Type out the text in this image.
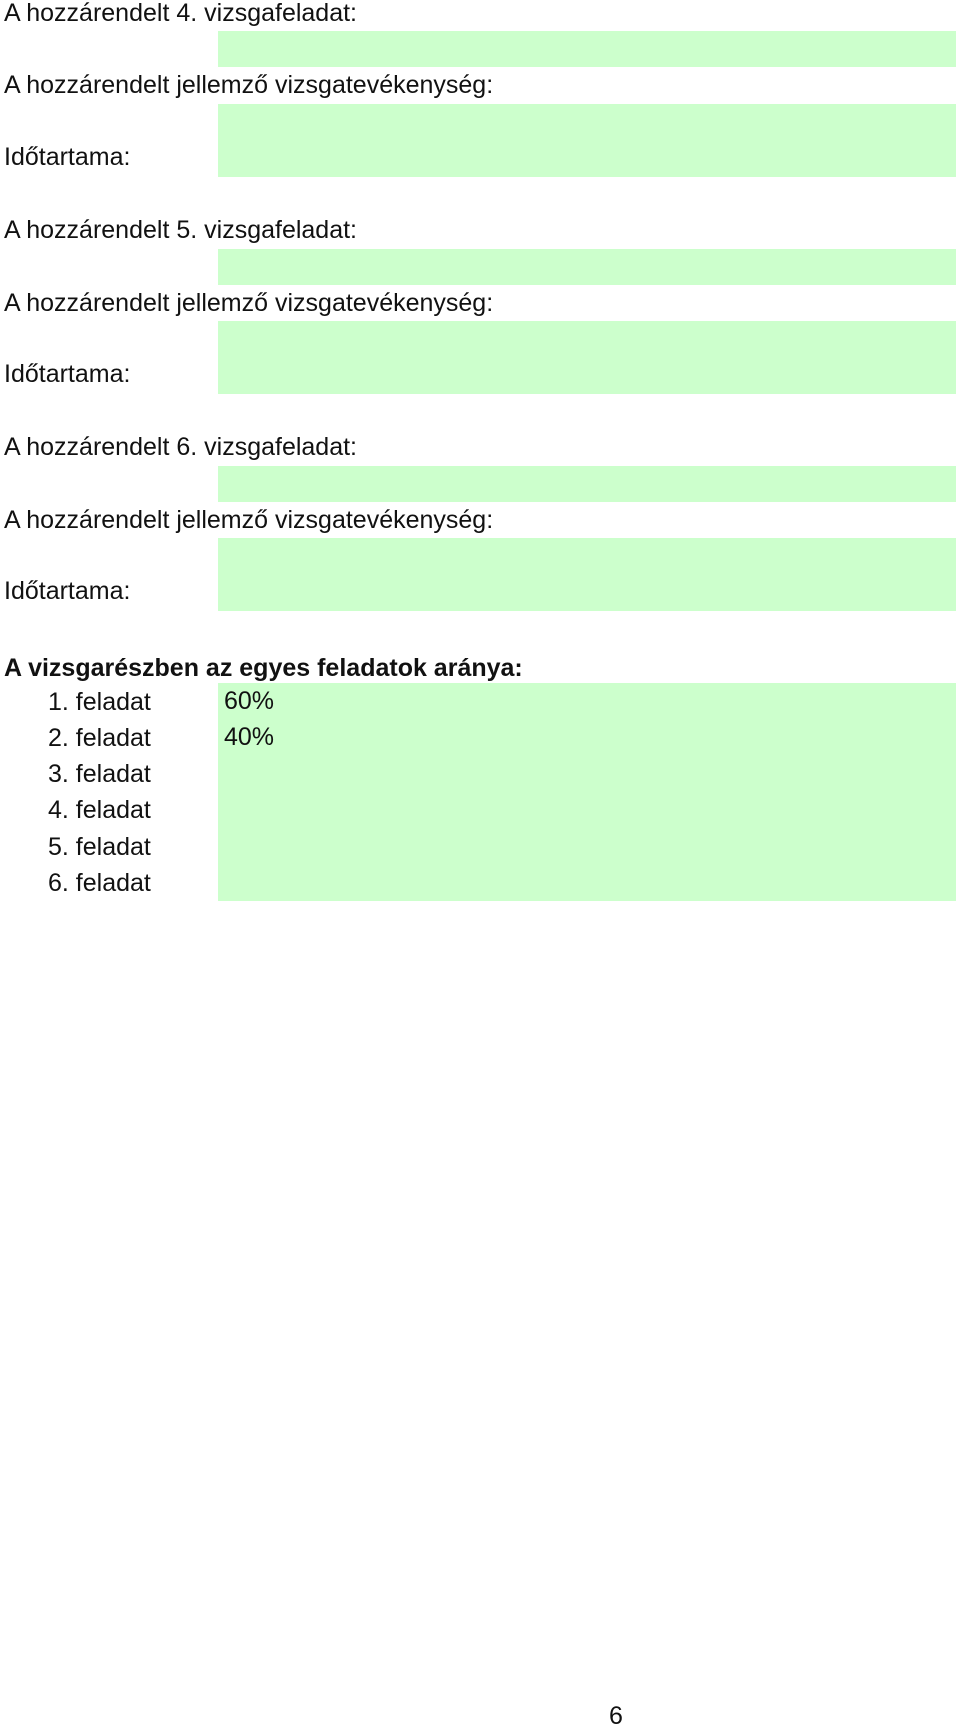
A hozzárendelt 4. vizsgafeladat:
A hozzárendelt jellemző vizsgatevékenység:
Időtartama:
A hozzárendelt 5. vizsgafeladat:
A hozzárendelt jellemző vizsgatevékenység:
Időtartama:
A hozzárendelt 6. vizsgafeladat:
A hozzárendelt jellemző vizsgatevékenység:
Időtartama:
A vizsgarészben az egyes feladatok aránya:
1. feladat	60%
2. feladat	40%
3. feladat
4. feladat
5. feladat
6. feladat
6
